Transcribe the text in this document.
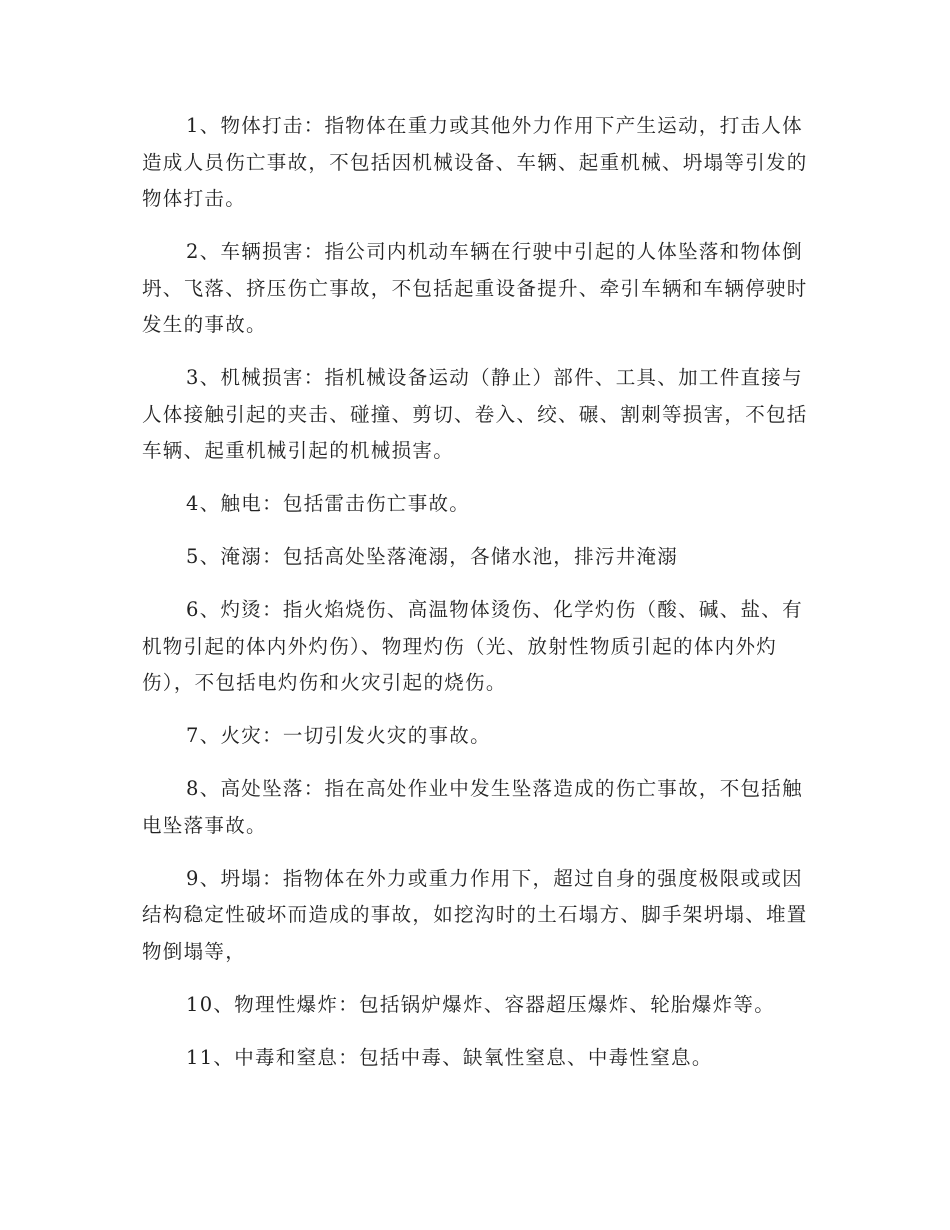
1、物体打击：指物体在重力或其他外力作用下产生运动，打击人体造成人员伤亡事故，不包括因机械设备、车辆、起重机械、坍塌等引发的物体打击。

2、车辆损害：指公司内机动车辆在行驶中引起的人体坠落和物体倒坍、飞落、挤压伤亡事故，不包括起重设备提升、牵引车辆和车辆停驶时发生的事故。

3、机械损害：指机械设备运动（静止）部件、工具、加工件直接与人体接触引起的夹击、碰撞、剪切、卷入、绞、碾、割刺等损害，不包括车辆、起重机械引起的机械损害。

4、触电：包括雷击伤亡事故。

5、淹溺：包括高处坠落淹溺，各储水池，排污井淹溺

6、灼烫：指火焰烧伤、高温物体烫伤、化学灼伤（酸、碱、盐、有机物引起的体内外灼伤）、物理灼伤（光、放射性物质引起的体内外灼伤），不包括电灼伤和火灾引起的烧伤。

7、火灾：一切引发火灾的事故。

8、高处坠落：指在高处作业中发生坠落造成的伤亡事故，不包括触电坠落事故。

9、坍塌：指物体在外力或重力作用下，超过自身的强度极限或或因结构稳定性破坏而造成的事故，如挖沟时的土石塌方、脚手架坍塌、堆置物倒塌等，

10、物理性爆炸：包括锅炉爆炸、容器超压爆炸、轮胎爆炸等。

11、中毒和窒息：包括中毒、缺氧性窒息、中毒性窒息。
